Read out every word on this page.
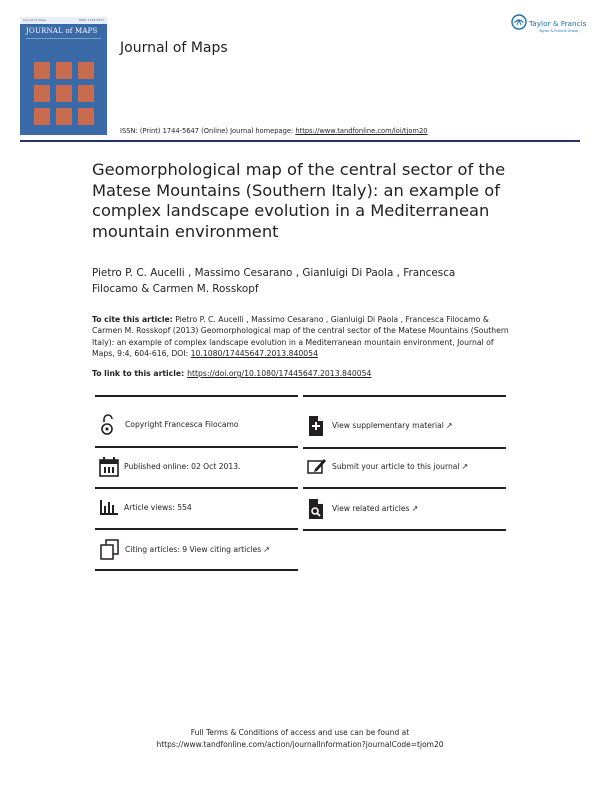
Journal of Maps	ISSN: 1744-5647
JOURNAL of MAPS
Journal of Maps
ISSN: (Print) 1744-5647 (Online) Journal homepage: https://www.tandfonline.com/loi/tjom20
Taylor & Francis
Taylor & Francis Group
Geomorphological map of the central sector of the Matese Mountains (Southern Italy): an example of complex landscape evolution in a Mediterranean mountain environment
Pietro P. C. Aucelli , Massimo Cesarano , Gianluigi Di Paola , Francesca
Filocamo & Carmen M. Rosskopf
To cite this article: Pietro P. C. Aucelli , Massimo Cesarano , Gianluigi Di Paola , Francesca Filocamo & Carmen M. Rosskopf (2013) Geomorphological map of the central sector of the Matese Mountains (Southern Italy): an example of complex landscape evolution in a Mediterranean mountain environment, Journal of Maps, 9:4, 604-616, DOI: 10.1080/17445647.2013.840054
To link to this article: https://doi.org/10.1080/17445647.2013.840054
Copyright Francesca Filocamo	View supplementary material ↗
Published online: 02 Oct 2013.	Submit your article to this journal ↗
Article views: 554	View related articles ↗
Citing articles: 9 View citing articles ↗
Full Terms & Conditions of access and use can be found at
https://www.tandfonline.com/action/journalInformation?journalCode=tjom20
